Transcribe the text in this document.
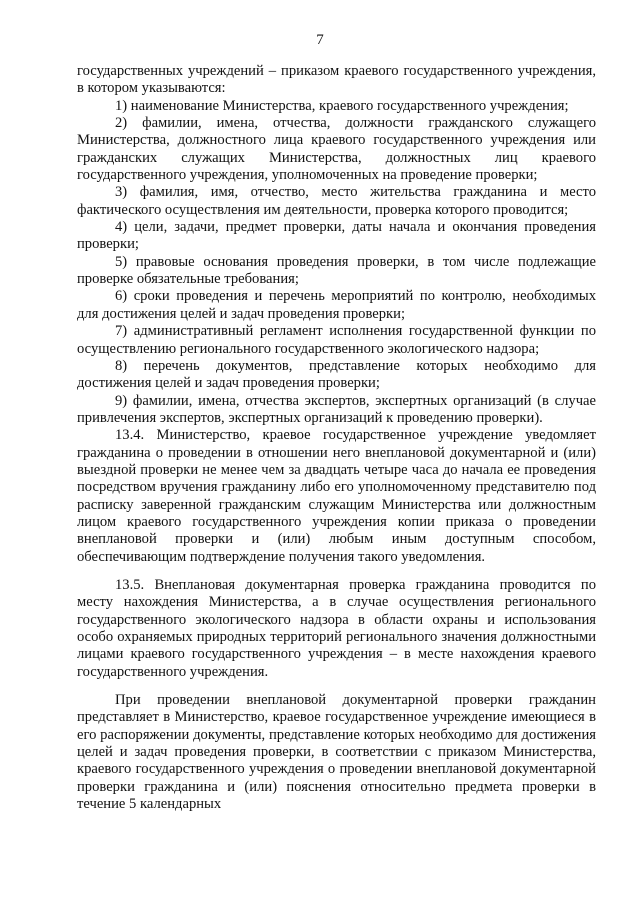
7

государственных учреждений – приказом краевого государственного учреждения, в котором указываются:

1) наименование Министерства, краевого государственного учреждения;

2) фамилии, имена, отчества, должности гражданского служащего Министерства, должностного лица краевого государственного учреждения или гражданских служащих Министерства, должностных лиц краевого государственного учреждения, уполномоченных на проведение проверки;

3) фамилия, имя, отчество, место жительства гражданина и место фактического осуществления им деятельности, проверка которого проводится;

4) цели, задачи, предмет проверки, даты начала и окончания проведения проверки;

5) правовые основания проведения проверки, в том числе подлежащие проверке обязательные требования;

6) сроки проведения и перечень мероприятий по контролю, необходимых для достижения целей и задач проведения проверки;

7) административный регламент исполнения государственной функции по осуществлению регионального государственного экологического надзора;

8) перечень документов, представление которых необходимо для достижения целей и задач проведения проверки;

9) фамилии, имена, отчества экспертов, экспертных организаций (в случае привлечения экспертов, экспертных организаций к проведению проверки).

13.4. Министерство, краевое государственное учреждение уведомляет гражданина о проведении в отношении него внеплановой документарной и (или) выездной проверки не менее чем за двадцать четыре часа до начала ее проведения посредством вручения гражданину либо его уполномоченному представителю под расписку заверенной гражданским служащим Министерства или должностным лицом краевого государственного учреждения копии приказа о проведении внеплановой проверки и (или) любым иным доступным способом, обеспечивающим подтверждение получения такого уведомления.

13.5. Внеплановая документарная проверка гражданина проводится по месту нахождения Министерства, а в случае осуществления регионального государственного экологического надзора в области охраны и использования особо охраняемых природных территорий регионального значения должностными лицами краевого государственного учреждения – в месте нахождения краевого государственного учреждения.

При проведении внеплановой документарной проверки гражданин представляет в Министерство, краевое государственное учреждение имеющиеся в его распоряжении документы, представление которых необходимо для достижения целей и задач проведения проверки, в соответствии с приказом Министерства, краевого государственного учреждения о проведении внеплановой документарной проверки гражданина и (или) пояснения относительно предмета проверки в течение 5 календарных
